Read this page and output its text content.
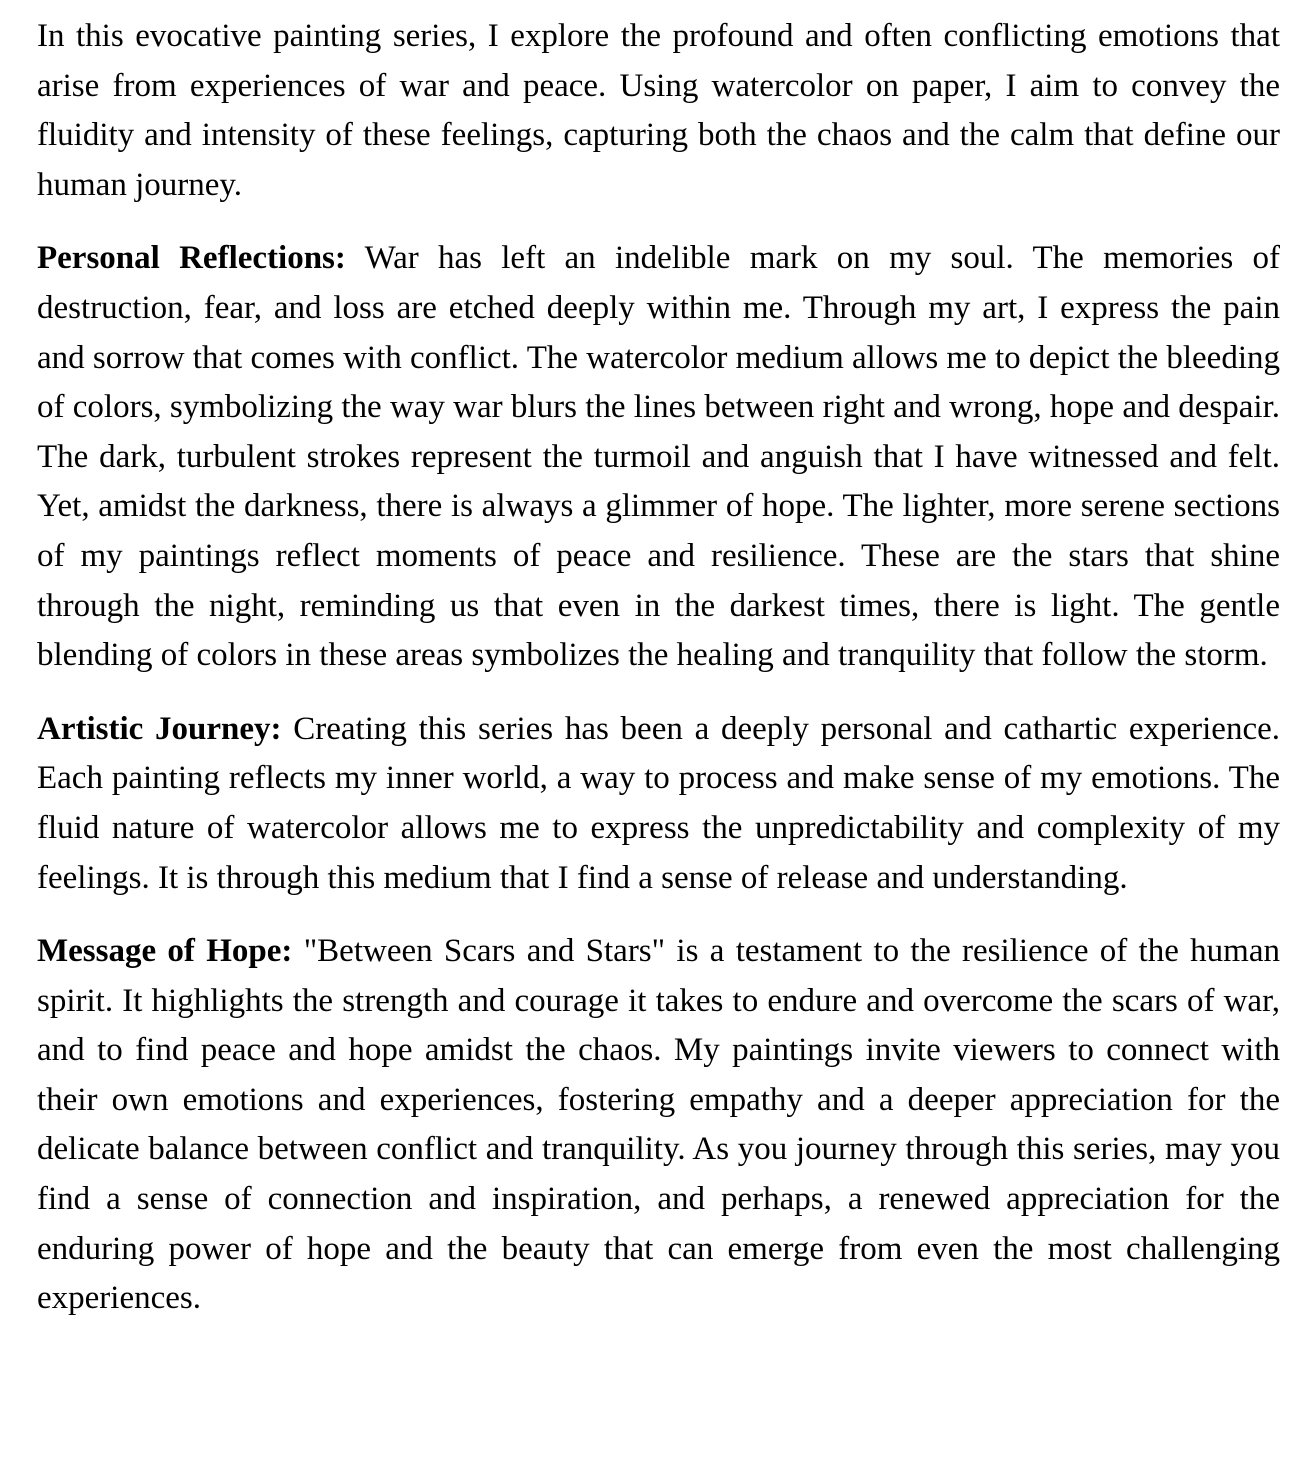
In this evocative painting series, I explore the profound and often conflicting emotions that arise from experiences of war and peace. Using watercolor on paper, I aim to convey the fluidity and intensity of these feelings, capturing both the chaos and the calm that define our human journey.

Personal Reflections: War has left an indelible mark on my soul. The memories of destruction, fear, and loss are etched deeply within me. Through my art, I express the pain and sorrow that comes with conflict. The watercolor medium allows me to depict the bleeding of colors, symbolizing the way war blurs the lines between right and wrong, hope and despair. The dark, turbulent strokes represent the turmoil and anguish that I have witnessed and felt. Yet, amidst the darkness, there is always a glimmer of hope. The lighter, more serene sections of my paintings reflect moments of peace and resilience. These are the stars that shine through the night, reminding us that even in the darkest times, there is light. The gentle blending of colors in these areas symbolizes the healing and tranquility that follow the storm.

Artistic Journey: Creating this series has been a deeply personal and cathartic experience. Each painting reflects my inner world, a way to process and make sense of my emotions. The fluid nature of watercolor allows me to express the unpredictability and complexity of my feelings. It is through this medium that I find a sense of release and understanding.

Message of Hope: "Between Scars and Stars" is a testament to the resilience of the human spirit. It highlights the strength and courage it takes to endure and overcome the scars of war, and to find peace and hope amidst the chaos. My paintings invite viewers to connect with their own emotions and experiences, fostering empathy and a deeper appreciation for the delicate balance between conflict and tranquility. As you journey through this series, may you find a sense of connection and inspiration, and perhaps, a renewed appreciation for the enduring power of hope and the beauty that can emerge from even the most challenging experiences.
